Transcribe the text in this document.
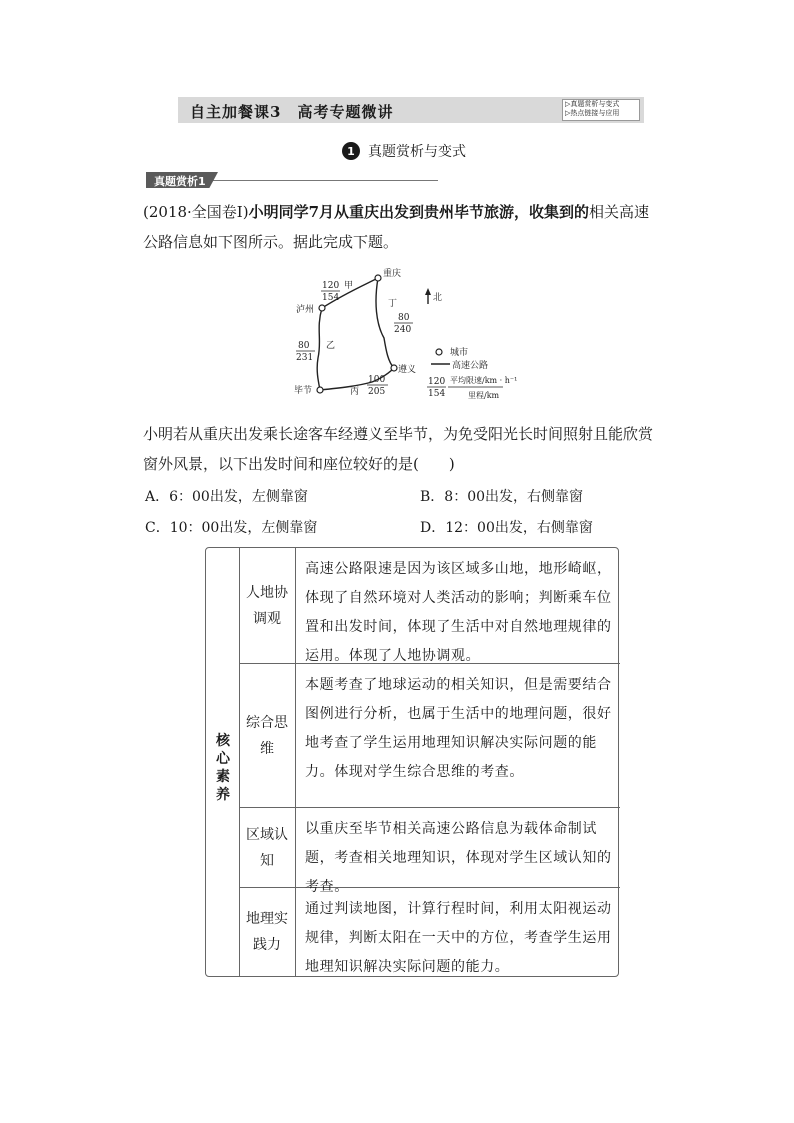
自主加餐课3　高考专题微讲	▷真题赏析与变式
▷热点链接与应用
1 真题赏析与变式
真题赏析1
(2018·全国卷Ⅰ)小明同学7月从重庆出发到贵州毕节旅游，收集到的相关高速公路信息如下图所示。据此完成下题。
重庆
泸州
毕节
遵义
甲
乙
丙
丁
北
120
154
80
231
100
205
80
240
城市
高速公路
120
154
平均限速/km · h⁻¹
里程/km
小明若从重庆出发乘长途客车经遵义至毕节，为免受阳光长时间照射且能欣赏窗外风景，以下出发时间和座位较好的是(　　)
A．6：00出发，左侧靠窗	B．8：00出发，右侧靠窗
C．10：00出发，左侧靠窗	D．12：00出发，右侧靠窗
核心素养
人地协调观
高速公路限速是因为该区域多山地，地形崎岖，体现了自然环境对人类活动的影响；判断乘车位置和出发时间，体现了生活中对自然地理规律的运用。体现了人地协调观。
综合思维
本题考查了地球运动的相关知识，但是需要结合图例进行分析，也属于生活中的地理问题，很好地考查了学生运用地理知识解决实际问题的能力。体现对学生综合思维的考查。
区域认知
以重庆至毕节相关高速公路信息为载体命制试题，考查相关地理知识，体现对学生区域认知的考查。
地理实践力
通过判读地图，计算行程时间，利用太阳视运动规律，判断太阳在一天中的方位，考查学生运用地理知识解决实际问题的能力。
